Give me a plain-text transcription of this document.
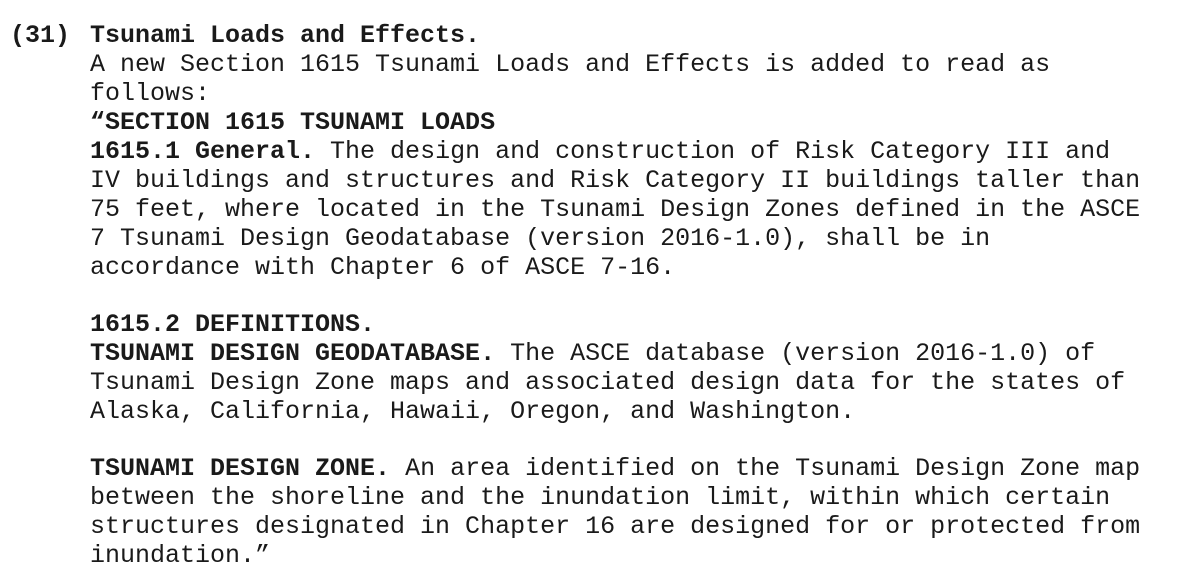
(31) Tsunami Loads and Effects.
A new Section 1615 Tsunami Loads and Effects is added to read as
follows:
“SECTION 1615 TSUNAMI LOADS
1615.1 General. The design and construction of Risk Category III and
IV buildings and structures and Risk Category II buildings taller than
75 feet, where located in the Tsunami Design Zones defined in the ASCE
7 Tsunami Design Geodatabase (version 2016-1.0), shall be in
accordance with Chapter 6 of ASCE 7-16.
1615.2 DEFINITIONS.
TSUNAMI DESIGN GEODATABASE. The ASCE database (version 2016-1.0) of
Tsunami Design Zone maps and associated design data for the states of
Alaska, California, Hawaii, Oregon, and Washington.
TSUNAMI DESIGN ZONE. An area identified on the Tsunami Design Zone map
between the shoreline and the inundation limit, within which certain
structures designated in Chapter 16 are designed for or protected from
inundation.”
